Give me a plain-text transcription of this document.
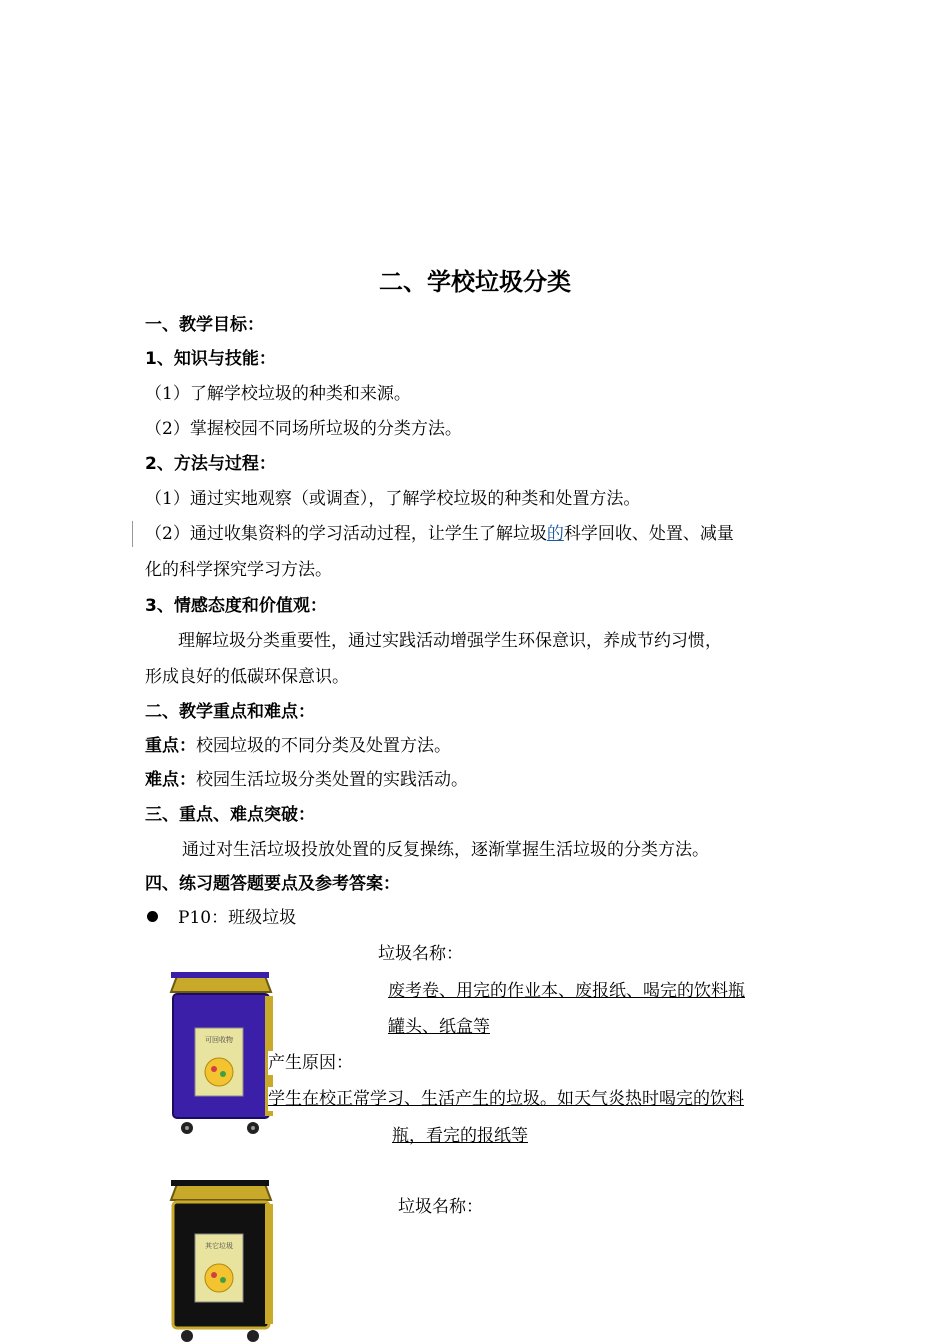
二、学校垃圾分类
一、教学目标：
1、知识与技能：
（1）了解学校垃圾的种类和来源。
（2）掌握校园不同场所垃圾的分类方法。
2、方法与过程：
（1）通过实地观察（或调查），了解学校垃圾的种类和处置方法。
（2）通过收集资料的学习活动过程，让学生了解垃圾的科学回收、处置、减量
化的科学探究学习方法。
3、情感态度和价值观：
理解垃圾分类重要性，通过实践活动增强学生环保意识，养成节约习惯，
形成良好的低碳环保意识。
二、教学重点和难点：
重点：校园垃圾的不同分类及处置方法。
难点：校园生活垃圾分类处置的实践活动。
三、重点、难点突破：
通过对生活垃圾投放处置的反复操练，逐渐掌握生活垃圾的分类方法。
四、练习题答题要点及参考答案：
P10：班级垃圾
可回收物
垃圾名称：
废考卷、用完的作业本、废报纸、喝完的饮料瓶
罐头、纸盒等
产生原因：
学生在校正常学习、生活产生的垃圾。如天气炎热时喝完的饮料
瓶，看完的报纸等
其它垃圾
垃圾名称：
